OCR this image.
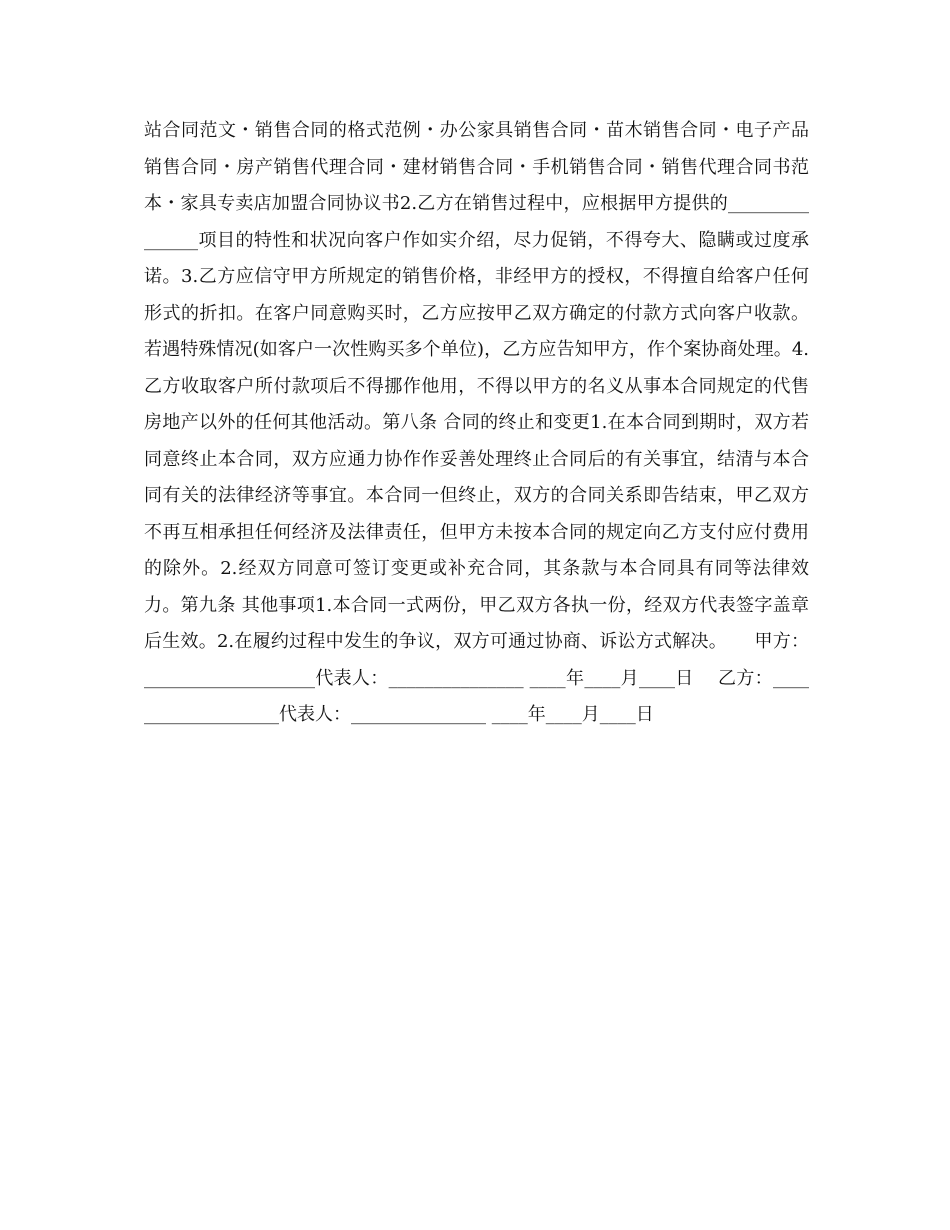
站合同范文・销售合同的格式范例・办公家具销售合同・苗木销售合同・电子产品销售合同・房产销售代理合同・建材销售合同・手机销售合同・销售代理合同书范本・家具专卖店加盟合同协议书2.乙方在销售过程中，应根据甲方提供的_______________项目的特性和状况向客户作如实介绍，尽力促销，不得夸大、隐瞒或过度承诺。3.乙方应信守甲方所规定的销售价格，非经甲方的授权，不得擅自给客户任何形式的折扣。在客户同意购买时，乙方应按甲乙双方确定的付款方式向客户收款。若遇特殊情况(如客户一次性购买多个单位)，乙方应告知甲方，作个案协商处理。4.乙方收取客户所付款项后不得挪作他用，不得以甲方的名义从事本合同规定的代售房地产以外的任何其他活动。第八条 合同的终止和变更1.在本合同到期时，双方若同意终止本合同，双方应通力协作作妥善处理终止合同后的有关事宜，结清与本合同有关的法律经济等事宜。本合同一但终止，双方的合同关系即告结束，甲乙双方不再互相承担任何经济及法律责任，但甲方未按本合同的规定向乙方支付应付费用的除外。2.经双方同意可签订变更或补充合同，其条款与本合同具有同等法律效力。第九条 其他事项1.本合同一式两份，甲乙双方各执一份，经双方代表签字盖章后生效。2.在履约过程中发生的争议，双方可通过协商、诉讼方式解决。　　甲方：___________________代表人：_______________ ____年____月____日　 乙方：___________________代表人：_______________ ____年____月____日
